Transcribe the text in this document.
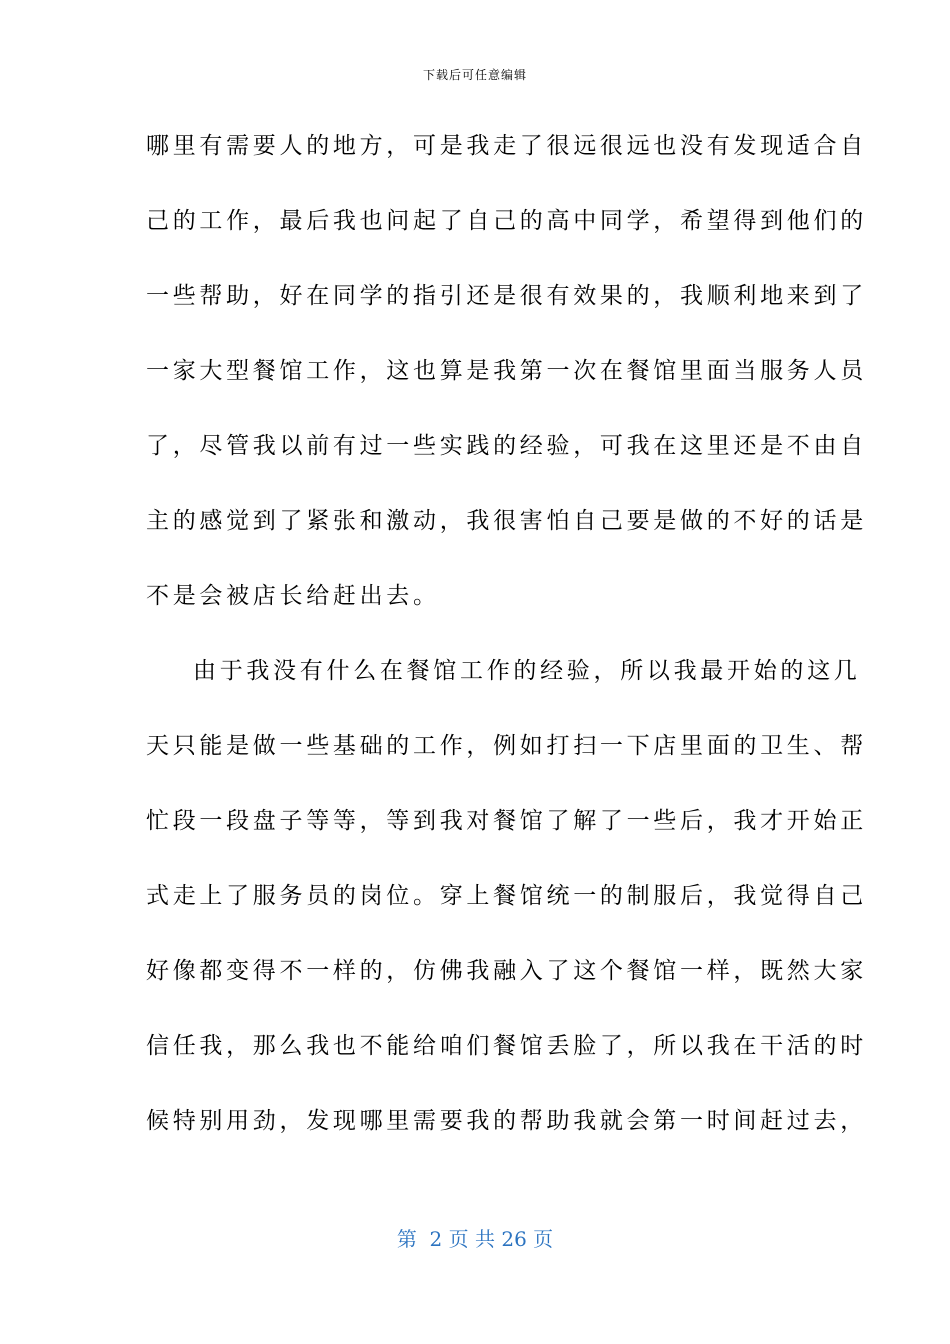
下载后可任意编辑
哪里有需要人的地方，可是我走了很远很远也没有发现适合自
己的工作，最后我也问起了自己的高中同学，希望得到他们的
一些帮助，好在同学的指引还是很有效果的，我顺利地来到了
一家大型餐馆工作，这也算是我第一次在餐馆里面当服务人员
了，尽管我以前有过一些实践的经验，可我在这里还是不由自
主的感觉到了紧张和激动，我很害怕自己要是做的不好的话是
不是会被店长给赶出去。
由于我没有什么在餐馆工作的经验，所以我最开始的这几
天只能是做一些基础的工作，例如打扫一下店里面的卫生、帮
忙段一段盘子等等，等到我对餐馆了解了一些后，我才开始正
式走上了服务员的岗位。穿上餐馆统一的制服后，我觉得自己
好像都变得不一样的，仿佛我融入了这个餐馆一样，既然大家
信任我，那么我也不能给咱们餐馆丢脸了，所以我在干活的时
候特别用劲，发现哪里需要我的帮助我就会第一时间赶过去，
第  2 页 共 26 页
